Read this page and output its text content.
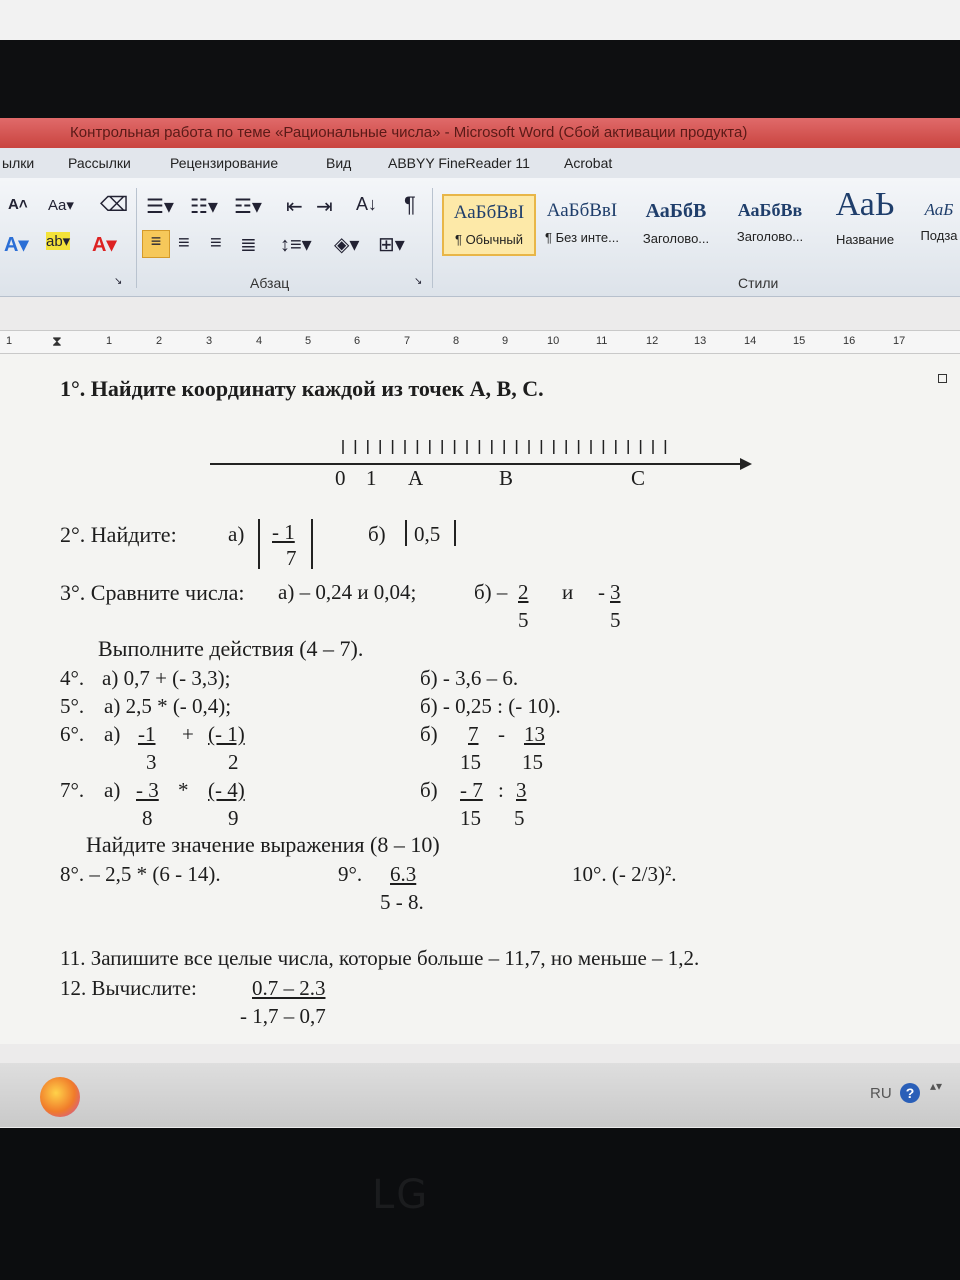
Контрольная работа по теме «Рациональные числа» - Microsoft Word (Сбой активации продукта)
ылки Рассылки	Рецензирование	Вид	ABBYY FineReader 11 Acrobat
A˄ Aa▾ ⌫
A▾ ab▾ A▾
☰▾ ☷▾ ☲▾ ⇤ ⇥ A↓ ¶
≡ ≡ ≡ ≣ ↕≡▾ ◈▾ ⊞▾
↘	Абзац	↘
АаБбВвІ
¶ Обычный
АаБбВвІ
¶ Без инте...
АаБбВ
Заголово...
АаБбВв
Заголово...
АаЬ
Название
АаБ
Подза
Стили
1	1	2	3	4	5	6	7	8	9	10	11	12	13	14	15	16	17
⧗
1°. Найдите координату каждой из точек А, В, С.
0 1 А	В	С
2°. Найдите: а) - 1
7
б) 0,5
3°. Сравните числа: а) – 0,24 и 0,04;	б) – 2
5
и - 3
5
Выполните действия (4 – 7).
4°. а) 0,7 + (- 3,3);	б) - 3,6 – 6.
5°. а) 2,5 * (- 0,4);	б) - 0,25 : (- 10).
6°. а) -1
3
+ (- 1)
2
б) 7
15
- 13
15
7°. а) - 3
8
* (- 4)
9
б) - 7
15
: 3
5
Найдите значение выражения (8 – 10)
8°. – 2,5 * (6 - 14).	9°. 6.3
5 - 8.
10°. (- 2/3)².
11. Запишите все целые числа, которые больше – 11,7, но меньше – 1,2.
12. Вычислите:	0.7 – 2.3
- 1,7 – 0,7
RU	?	▴▾
LG
